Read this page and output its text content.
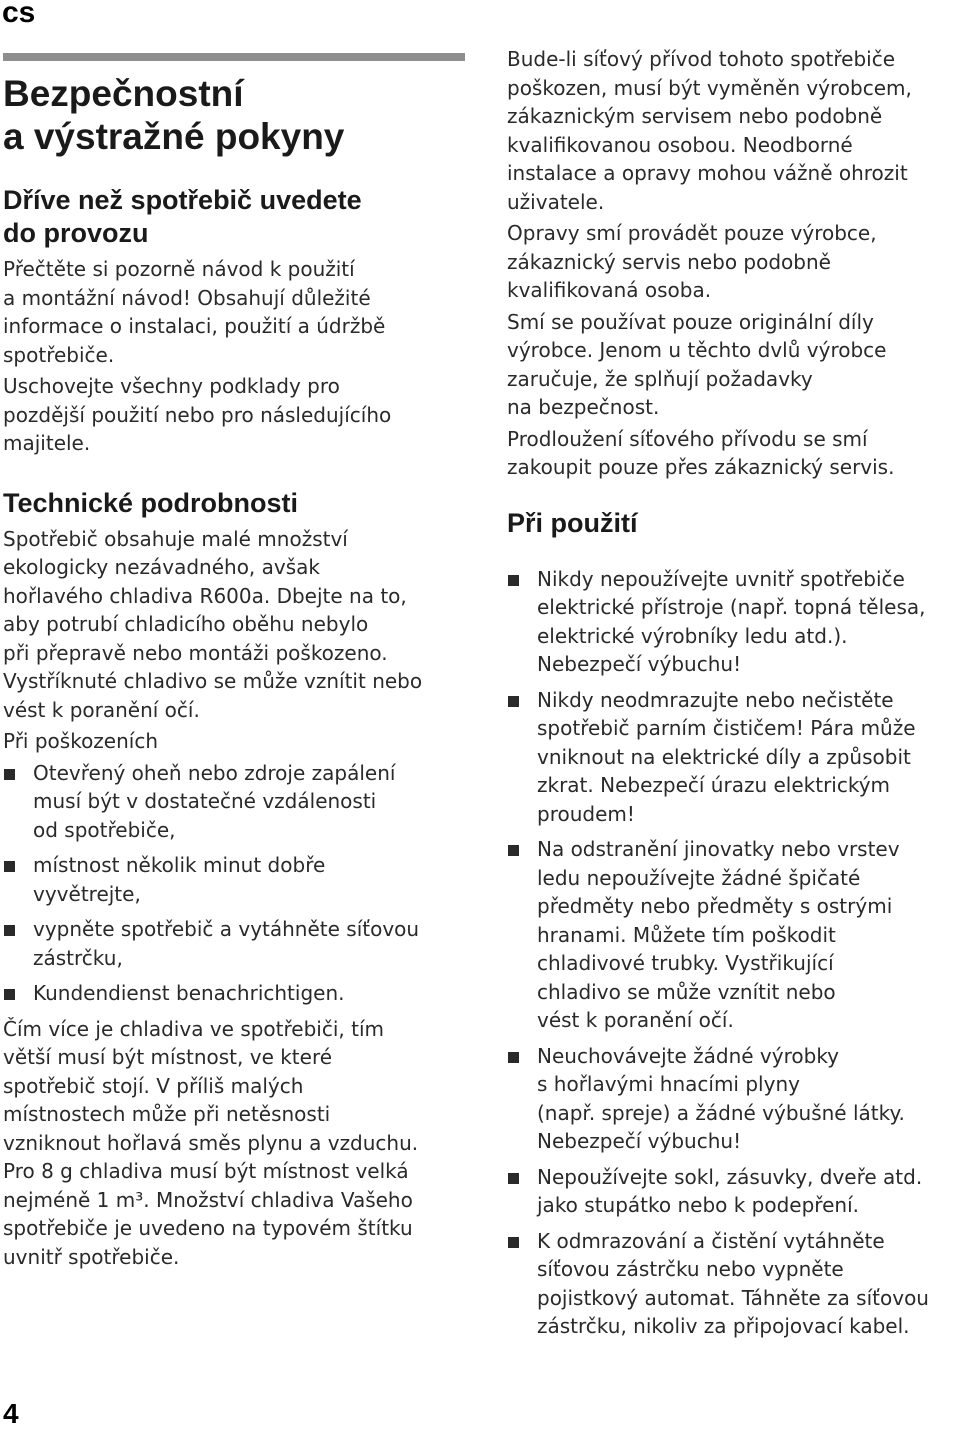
cs
Bezpečnostní
a výstražné pokyny
Dříve než spotřebič uvedete
do provozu
Přečtěte si pozorně návod k použití
a montážní návod! Obsahují důležité
informace o instalaci, použití a údržbě
spotřebiče.
Uschovejte všechny podklady pro
pozdější použití nebo pro následujícího
majitele.
Technické podrobnosti
Spotřebič obsahuje malé množství
ekologicky nezávadného, avšak
hořlavého chladiva R600a. Dbejte na to,
aby potrubí chladicího oběhu nebylo
při přepravě nebo montáži poškozeno.
Vystříknuté chladivo se může vznítit nebo
vést k poranění očí.
Při poškozeních
Otevřený oheň nebo zdroje zapálení
musí být v dostatečné vzdálenosti
od spotřebiče,
místnost několik minut dobře
vyvětrejte,
vypněte spotřebič a vytáhněte síťovou
zástrčku,
Kundendienst benachrichtigen.
Čím více je chladiva ve spotřebiči, tím
větší musí být místnost, ve které
spotřebič stojí. V příliš malých
místnostech může při netěsnosti
vzniknout hořlavá směs plynu a vzduchu.
Pro 8 g chladiva musí být místnost velká
nejméně 1 m³. Množství chladiva Vašeho
spotřebiče je uvedeno na typovém štítku
uvnitř spotřebiče.
Bude-li síťový přívod tohoto spotřebiče
poškozen, musí být vyměněn výrobcem,
zákaznickým servisem nebo podobně
kvalifikovanou osobou. Neodborné
instalace a opravy mohou vážně ohrozit
uživatele.
Opravy smí provádět pouze výrobce,
zákaznický servis nebo podobně
kvalifikovaná osoba.
Smí se používat pouze originální díly
výrobce. Jenom u těchto dvlů výrobce
zaručuje, že splňují požadavky
na bezpečnost.
Prodloužení síťového přívodu se smí
zakoupit pouze přes zákaznický servis.
Při použití
Nikdy nepoužívejte uvnitř spotřebiče
elektrické přístroje (např. topná tělesa,
elektrické výrobníky ledu atd.).
Nebezpečí výbuchu!
Nikdy neodmrazujte nebo nečistěte
spotřebič parním čističem! Pára může
vniknout na elektrické díly a způsobit
zkrat. Nebezpečí úrazu elektrickým
proudem!
Na odstranění jinovatky nebo vrstev
ledu nepoužívejte žádné špičaté
předměty nebo předměty s ostrými
hranami. Můžete tím poškodit
chladivové trubky. Vystřikující
chladivo se může vznítit nebo
vést k poranění očí.
Neuchovávejte žádné výrobky
s hořlavými hnacími plyny
(např. spreje) a žádné výbušné látky.
Nebezpečí výbuchu!
Nepoužívejte sokl, zásuvky, dveře atd.
jako stupátko nebo k podepření.
K odmrazování a čistění vytáhněte
síťovou zástrčku nebo vypněte
pojistkový automat. Táhněte za síťovou
zástrčku, nikoliv za připojovací kabel.
4
